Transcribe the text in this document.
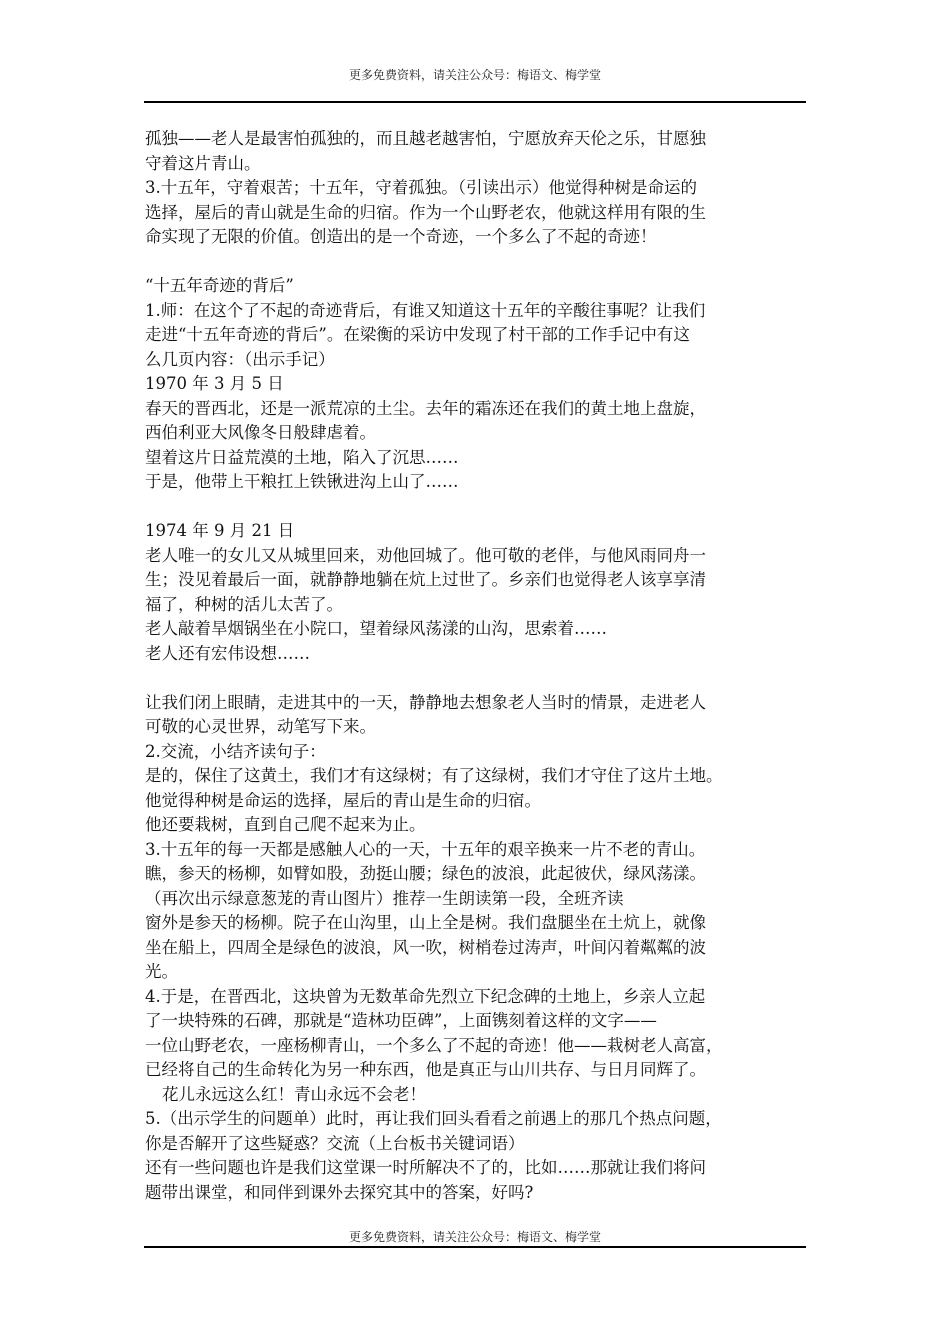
更多免费资料，请关注公众号：梅语文、梅学堂
孤独——老人是最害怕孤独的，而且越老越害怕，宁愿放弃天伦之乐，甘愿独
守着这片青山。
3.十五年，守着艰苦；十五年，守着孤独。（引读出示）他觉得种树是命运的
选择，屋后的青山就是生命的归宿。作为一个山野老农，他就这样用有限的生
命实现了无限的价值。创造出的是一个奇迹，一个多么了不起的奇迹！
“十五年奇迹的背后”
1.师：在这个了不起的奇迹背后，有谁又知道这十五年的辛酸往事呢？让我们
走进“十五年奇迹的背后”。在梁衡的采访中发现了村干部的工作手记中有这
么几页内容：（出示手记）
1970 年 3 月 5 日
春天的晋西北，还是一派荒凉的土尘。去年的霜冻还在我们的黄土地上盘旋，
西伯利亚大风像冬日般肆虐着。
望着这片日益荒漠的土地，陷入了沉思……
于是，他带上干粮扛上铁锹进沟上山了……
1974 年 9 月 21 日
老人唯一的女儿又从城里回来，劝他回城了。他可敬的老伴，与他风雨同舟一
生；没见着最后一面，就静静地躺在炕上过世了。乡亲们也觉得老人该享享清
福了，种树的活儿太苦了。
老人敲着旱烟锅坐在小院口，望着绿风荡漾的山沟，思索着……
老人还有宏伟设想……
让我们闭上眼睛，走进其中的一天，静静地去想象老人当时的情景，走进老人
可敬的心灵世界，动笔写下来。
2.交流，小结齐读句子：
是的，保住了这黄土，我们才有这绿树；有了这绿树，我们才守住了这片土地。
他觉得种树是命运的选择，屋后的青山是生命的归宿。
他还要栽树，直到自己爬不起来为止。
3.十五年的每一天都是感触人心的一天，十五年的艰辛换来一片不老的青山。
瞧，参天的杨柳，如臂如股，劲挺山腰；绿色的波浪，此起彼伏，绿风荡漾。
（再次出示绿意葱茏的青山图片）推荐一生朗读第一段，全班齐读
窗外是参天的杨柳。院子在山沟里，山上全是树。我们盘腿坐在土炕上，就像
坐在船上，四周全是绿色的波浪，风一吹，树梢卷过涛声，叶间闪着粼粼的波
光。
4.于是，在晋西北，这块曾为无数革命先烈立下纪念碑的土地上，乡亲人立起
了一块特殊的石碑，那就是“造林功臣碑”，上面镌刻着这样的文字——
一位山野老农，一座杨柳青山，一个多么了不起的奇迹！他——栽树老人高富，
已经将自己的生命转化为另一种东西，他是真正与山川共存、与日月同辉了。
花儿永远这么红！青山永远不会老！
5.（出示学生的问题单）此时，再让我们回头看看之前遇上的那几个热点问题，
你是否解开了这些疑惑？交流（上台板书关键词语）
还有一些问题也许是我们这堂课一时所解决不了的，比如……那就让我们将问
题带出课堂，和同伴到课外去探究其中的答案，好吗?
更多免费资料，请关注公众号：梅语文、梅学堂
